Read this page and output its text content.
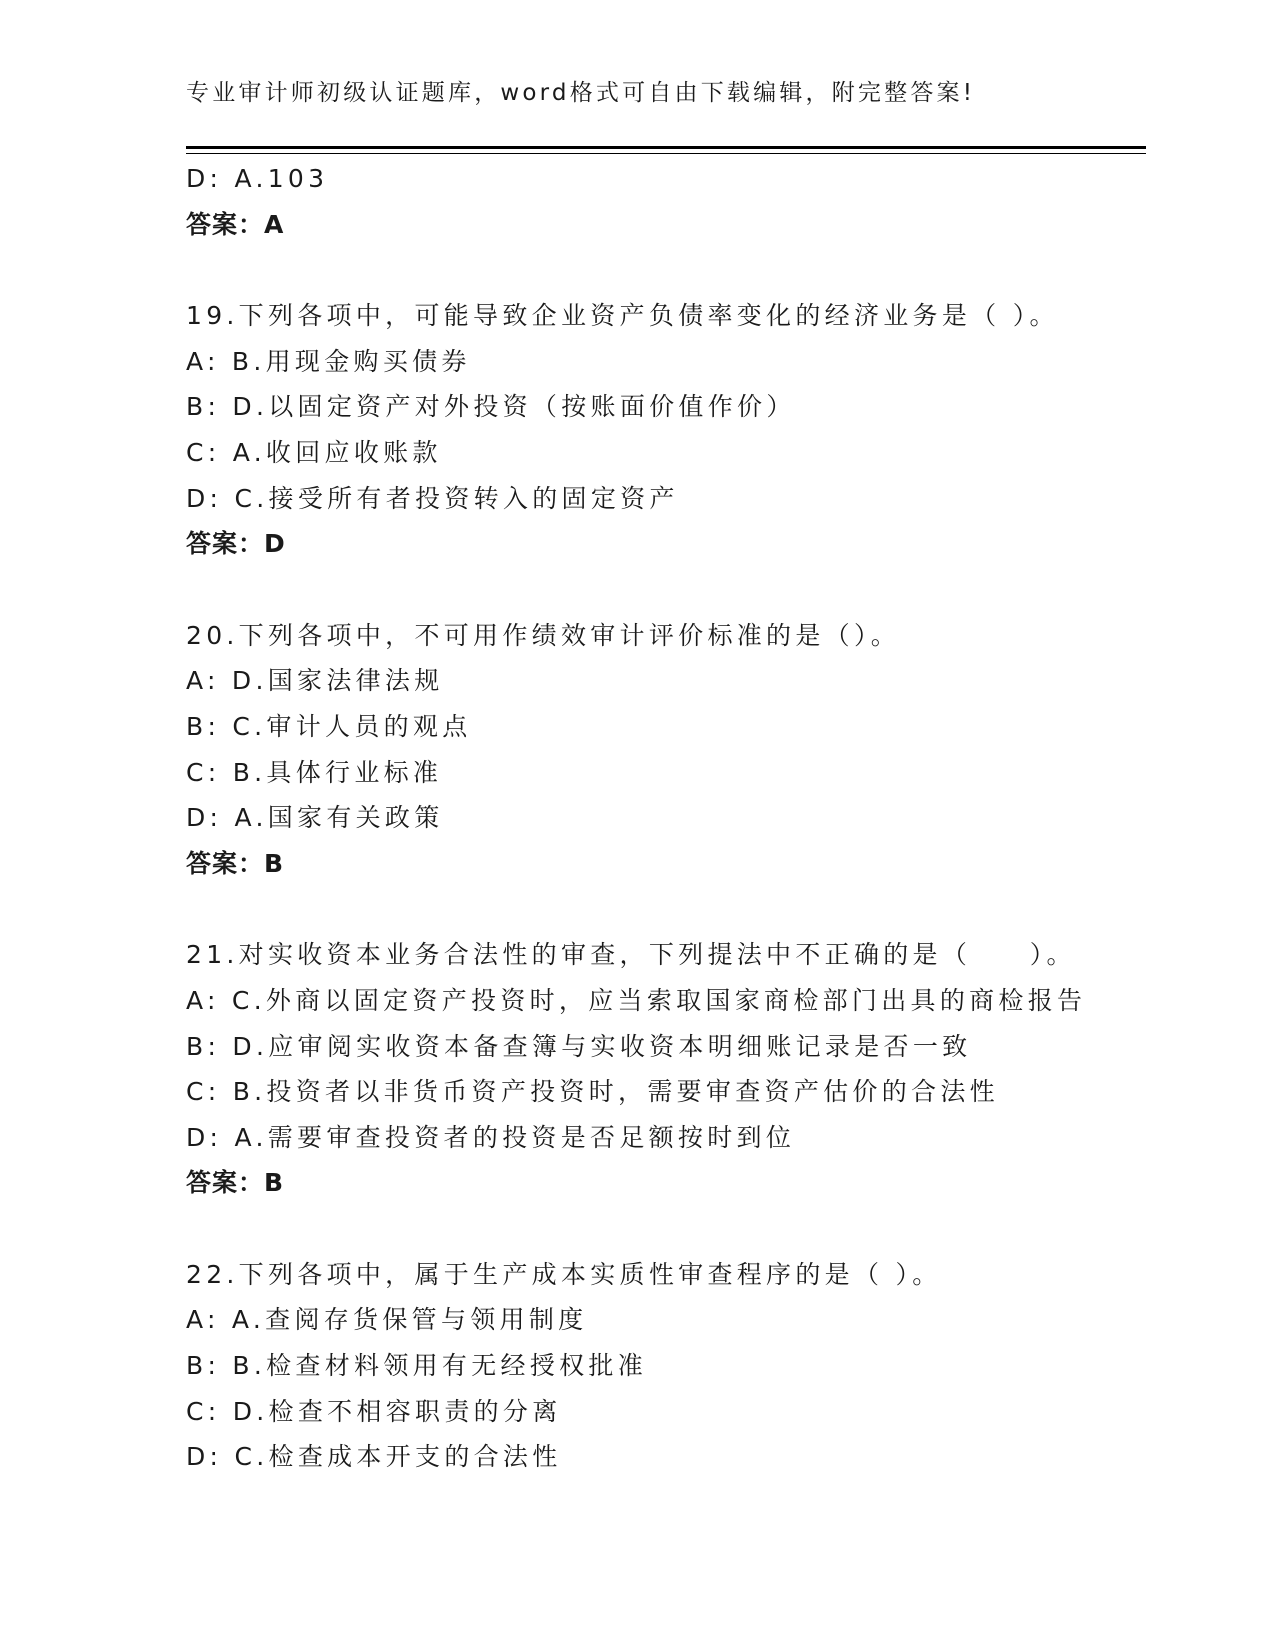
专业审计师初级认证题库，word格式可自由下载编辑，附完整答案!
D: A.103
答案：A
19.下列各项中，可能导致企业资产负债率变化的经济业务是（ ）。
A: B.用现金购买债券
B: D.以固定资产对外投资（按账面价值作价）
C: A.收回应收账款
D: C.接受所有者投资转入的固定资产
答案：D
20.下列各项中，不可用作绩效审计评价标准的是（）。
A: D.国家法律法规
B: C.审计人员的观点
C: B.具体行业标准
D: A.国家有关政策
答案：B
21.对实收资本业务合法性的审查，下列提法中不正确的是（　　）。
A: C.外商以固定资产投资时，应当索取国家商检部门出具的商检报告
B: D.应审阅实收资本备查簿与实收资本明细账记录是否一致
C: B.投资者以非货币资产投资时，需要审查资产估价的合法性
D: A.需要审查投资者的投资是否足额按时到位
答案：B
22.下列各项中，属于生产成本实质性审查程序的是（ ）。
A: A.查阅存货保管与领用制度
B: B.检查材料领用有无经授权批准
C: D.检查不相容职责的分离
D: C.检查成本开支的合法性
